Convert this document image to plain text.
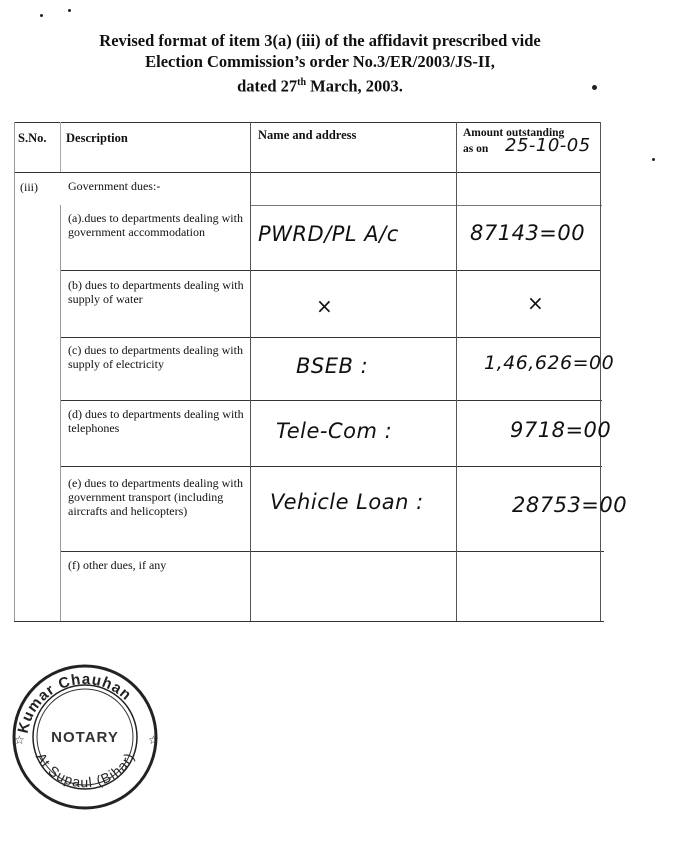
Revised format of item 3(a) (iii) of the affidavit prescribed vide
Election Commission’s order No.3/ER/2003/JS-II,
dated 27th March, 2003.
S.No. Description	Name and address	Amount outstanding
as on 25-10-05
(iii)	Government dues:-
(a).dues to departments dealing with government accommodation	PWRD/PL A/c	87143=00
(b) dues to departments dealing with supply of water	×	×
(c) dues to departments dealing with supply of electricity	BSEB :	1,46,626=00
(d) dues to departments dealing with telephones	Tele-Com :	9718=00
(e) dues to departments dealing with government transport (including aircrafts and helicopters)	Vehicle Loan :	28753=00
(f) other dues, if any
Kumar Chauhan
At Supaul (Bihar)
NOTARY ☆
☆
